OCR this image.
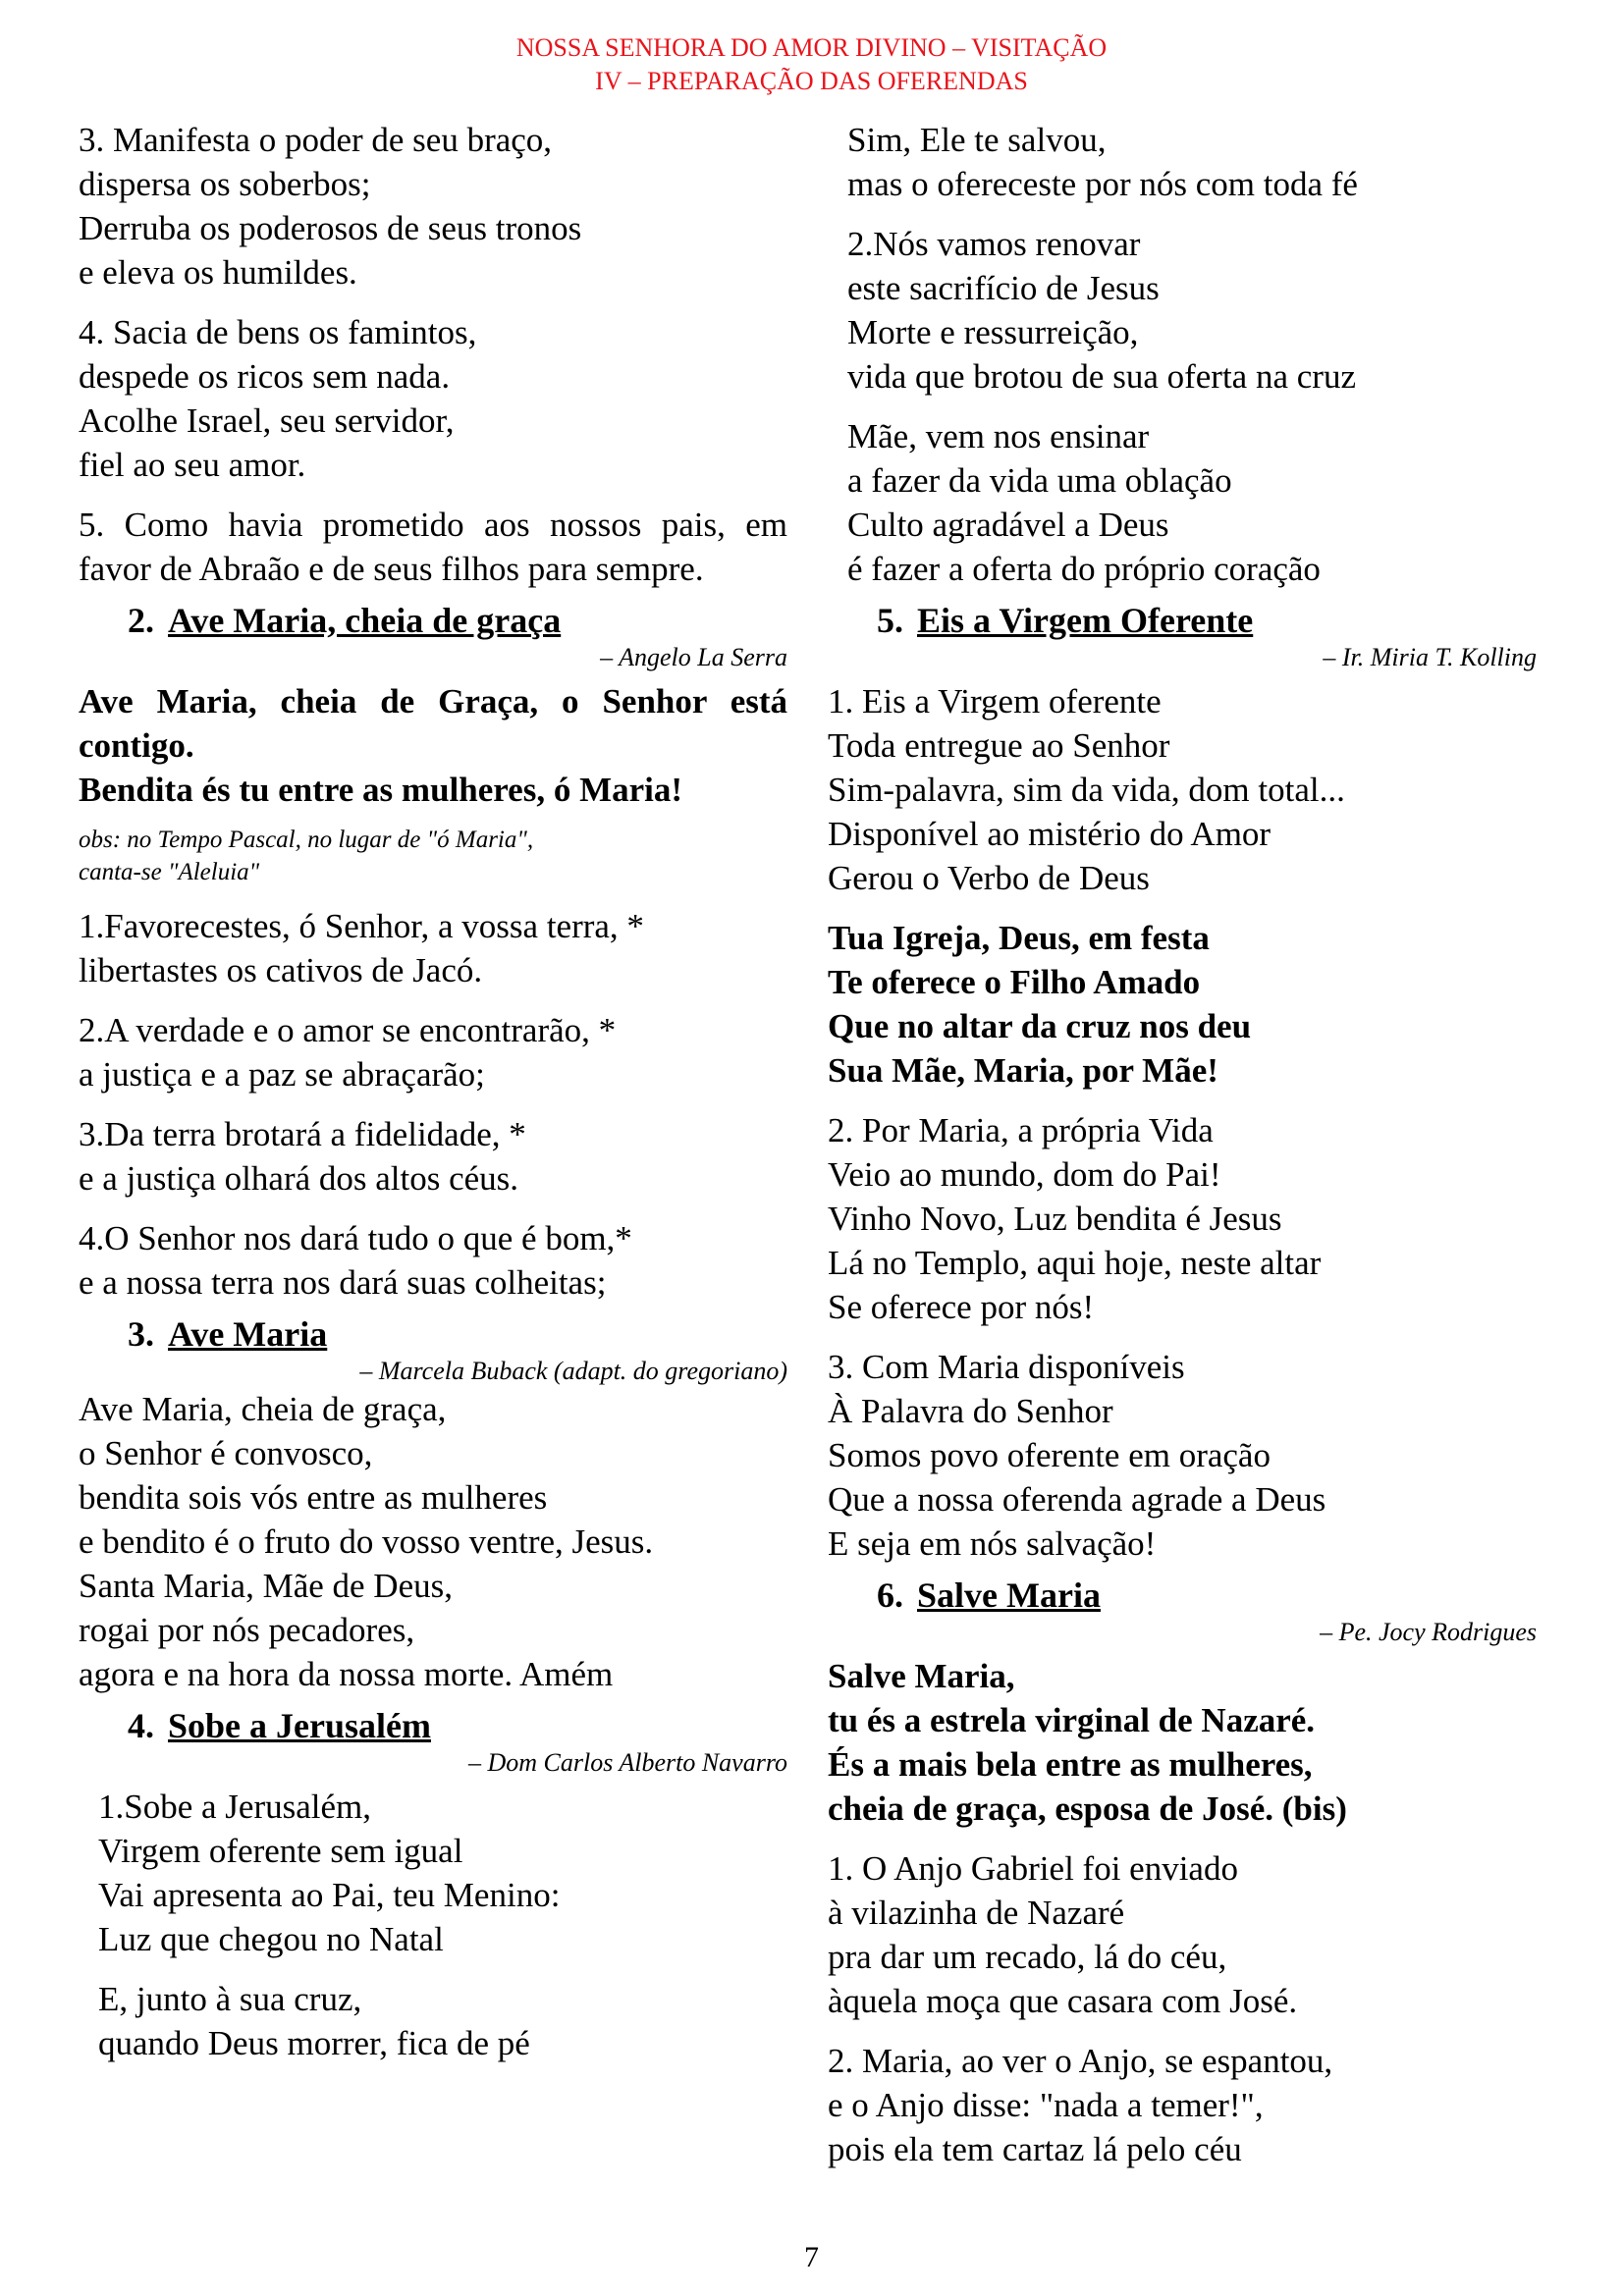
NOSSA SENHORA DO AMOR DIVINO – VISITAÇÃO
IV – PREPARAÇÃO DAS OFERENDAS

3. Manifesta o poder de seu braço,
dispersa os soberbos;
Derruba os poderosos de seus tronos
e eleva os humildes.

4. Sacia de bens os famintos,
despede os ricos sem nada.
Acolhe Israel, seu servidor,
fiel ao seu amor.

5. Como havia prometido aos nossos pais, em favor de Abraão e de seus filhos para sempre.

2. Ave Maria, cheia de graça
– Angelo La Serra
Ave Maria, cheia de Graça, o Senhor está contigo.

Bendita és tu entre as mulheres, ó Maria!

obs: no Tempo Pascal, no lugar de "ó Maria",
canta-se "Aleluia"

1.Favorecestes, ó Senhor, a vossa terra, *
libertastes os cativos de Jacó.

2.A verdade e o amor se encontrarão, *
a justiça e a paz se abraçarão;

3.Da terra brotará a fidelidade, *
e a justiça olhará dos altos céus.

4.O Senhor nos dará tudo o que é bom,*
e a nossa terra nos dará suas colheitas;

3. Ave Maria
– Marcela Buback (adapt. do gregoriano)

Ave Maria, cheia de graça,
o Senhor é convosco,
bendita sois vós entre as mulheres
e bendito é o fruto do vosso ventre, Jesus.
Santa Maria, Mãe de Deus,
rogai por nós pecadores,
agora e na hora da nossa morte. Amém

4. Sobe a Jerusalém
– Dom Carlos Alberto Navarro

1.Sobe a Jerusalém,
Virgem oferente sem igual
Vai apresenta ao Pai, teu Menino:
Luz que chegou no Natal

E, junto à sua cruz,
quando Deus morrer, fica de pé

Sim, Ele te salvou,
mas o ofereceste por nós com toda fé

2.Nós vamos renovar
este sacrifício de Jesus
Morte e ressurreição,
vida que brotou de sua oferta na cruz

Mãe, vem nos ensinar
a fazer da vida uma oblação
Culto agradável a Deus
é fazer a oferta do próprio coração

5. Eis a Virgem Oferente
– Ir. Miria T. Kolling

1. Eis a Virgem oferente
Toda entregue ao Senhor
Sim-palavra, sim da vida, dom total...
Disponível ao mistério do Amor
Gerou o Verbo de Deus

Tua Igreja, Deus, em festa
Te oferece o Filho Amado
Que no altar da cruz nos deu
Sua Mãe, Maria, por Mãe!

2. Por Maria, a própria Vida
Veio ao mundo, dom do Pai!
Vinho Novo, Luz bendita é Jesus
Lá no Templo, aqui hoje, neste altar
Se oferece por nós!

3. Com Maria disponíveis
À Palavra do Senhor
Somos povo oferente em oração
Que a nossa oferenda agrade a Deus
E seja em nós salvação!

6. Salve Maria
– Pe. Jocy Rodrigues

Salve Maria,
tu és a estrela virginal de Nazaré.
És a mais bela entre as mulheres,
cheia de graça, esposa de José. (bis)

1. O Anjo Gabriel foi enviado
à vilazinha de Nazaré
pra dar um recado, lá do céu,
àquela moça que casara com José.

2. Maria, ao ver o Anjo, se espantou,
e o Anjo disse: "nada a temer!",
pois ela tem cartaz lá pelo céu

7
